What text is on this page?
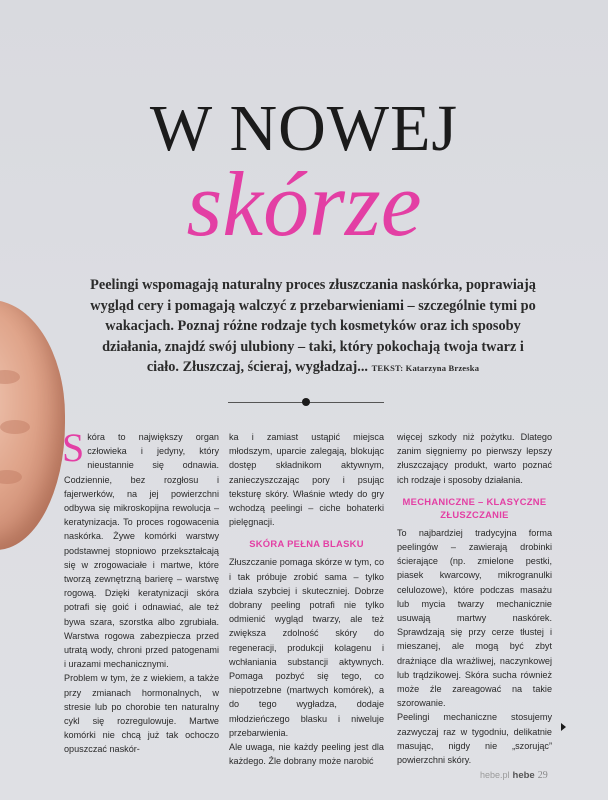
W NOWEJ
skórze
Peelingi wspomagają naturalny proces złuszczania naskórka, poprawiają wygląd cery i pomagają walczyć z przebarwieniami – szczególnie tymi po wakacjach. Poznaj różne rodzaje tych kosmetyków oraz ich sposoby działania, znajdź swój ulubiony – taki, który pokochają twoja twarz i ciało. Złuszczaj, ścieraj, wygładzaj... TEKST: Katarzyna Brzeska

Skóra to największy organ człowieka i jedyny, który nieustannie się odnawia. Codziennie, bez rozgłosu i fajerwerków, na jej powierzchni odbywa się mikroskopijna rewolucja – keratynizacja. To proces rogowacenia naskórka. Żywe komórki warstwy podstawnej stopniowo przekształcają się w zrogowaciałe i martwe, które tworzą zewnętrzną barierę – warstwę rogową. Dzięki keratynizacji skóra potrafi się goić i odnawiać, ale też bywa szara, szorstka albo zgrubiała. Warstwa rogowa zabezpiecza przed utratą wody, chroni przed patogenami i urazami mechanicznymi.

Problem w tym, że z wiekiem, a także przy zmianach hormonalnych, w stresie lub po chorobie ten naturalny cykl się rozregulowuje. Martwe komórki nie chcą już tak ochoczo opuszczać naskór-

ka i zamiast ustąpić miejsca młodszym, uparcie zalegają, blokując dostęp składnikom aktywnym, zanieczyszczając pory i psując teksturę skóry. Właśnie wtedy do gry wchodzą peelingi – ciche bohaterki pielęgnacji.

SKÓRA PEŁNA BLASKU

Złuszczanie pomaga skórze w tym, co i tak próbuje zrobić sama – tylko działa szybciej i skuteczniej. Dobrze dobrany peeling potrafi nie tylko odmienić wygląd twarzy, ale też zwiększa zdolność skóry do regeneracji, produkcji kolagenu i wchłaniania substancji aktywnych. Pomaga pozbyć się tego, co niepotrzebne (martwych komórek), a do tego wygładza, dodaje młodzieńczego blasku i niweluje przebarwienia.

Ale uwaga, nie każdy peeling jest dla każdego. Źle dobrany może narobić

więcej szkody niż pożytku. Dlatego zanim sięgniemy po pierwszy lepszy złuszczający produkt, warto poznać ich rodzaje i sposoby działania.

MECHANICZNE – KLASYCZNE ZŁUSZCZANIE

To najbardziej tradycyjna forma peelingów – zawierają drobinki ścierające (np. zmielone pestki, piasek kwarcowy, mikrogranulki celulozowe), które podczas masażu lub mycia twarzy mechanicznie usuwają martwy naskórek. Sprawdzają się przy cerze tłustej i mieszanej, ale mogą być zbyt drażniące dla wrażliwej, naczynkowej lub trądzikowej. Skóra sucha również może źle zareagować na takie szorowanie.

Peelingi mechaniczne stosujemy zazwyczaj raz w tygodniu, delikatnie masując, nigdy nie „szorując” powierzchni skóry.

hebe.pl hebe 29
